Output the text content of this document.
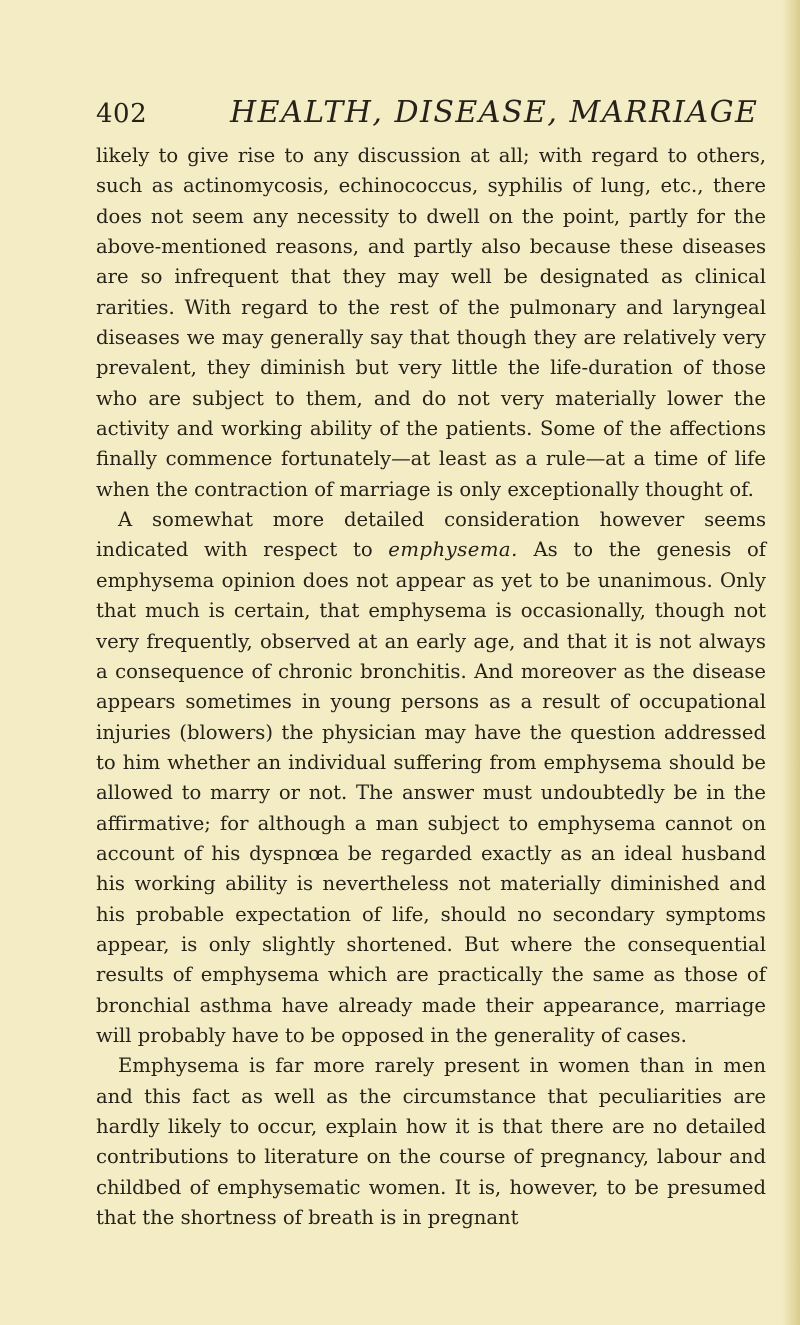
402	HEALTH, DISEASE, MARRIAGE

likely to give rise to any discussion at all; with regard to others, such as actinomycosis, echinococcus, syphilis of lung, etc., there does not seem any necessity to dwell on the point, partly for the above-mentioned reasons, and partly also because these diseases are so infrequent that they may well be designated as clinical rarities. With regard to the rest of the pulmonary and laryngeal diseases we may generally say that though they are relatively very prevalent, they diminish but very little the life-duration of those who are subject to them, and do not very materially lower the activity and working ability of the patients. Some of the affections finally commence fortunately—at least as a rule—at a time of life when the contraction of marriage is only exceptionally thought of.

A somewhat more detailed consideration however seems indicated with respect to emphysema. As to the genesis of emphysema opinion does not appear as yet to be unanimous. Only that much is certain, that emphysema is occasionally, though not very frequently, observed at an early age, and that it is not always a consequence of chronic bronchitis. And moreover as the disease appears sometimes in young persons as a result of occupational injuries (blowers) the physician may have the question addressed to him whether an individual suffering from emphysema should be allowed to marry or not. The answer must undoubtedly be in the affirmative; for although a man subject to emphysema cannot on account of his dyspnœa be regarded exactly as an ideal husband his working ability is nevertheless not materially diminished and his probable expectation of life, should no secondary symptoms appear, is only slightly shortened. But where the consequential results of emphysema which are practically the same as those of bronchial asthma have already made their appearance, marriage will probably have to be opposed in the generality of cases.

Emphysema is far more rarely present in women than in men and this fact as well as the circumstance that peculiarities are hardly likely to occur, explain how it is that there are no detailed contributions to literature on the course of pregnancy, labour and childbed of emphysematic women. It is, however, to be presumed that the shortness of breath is in pregnant
